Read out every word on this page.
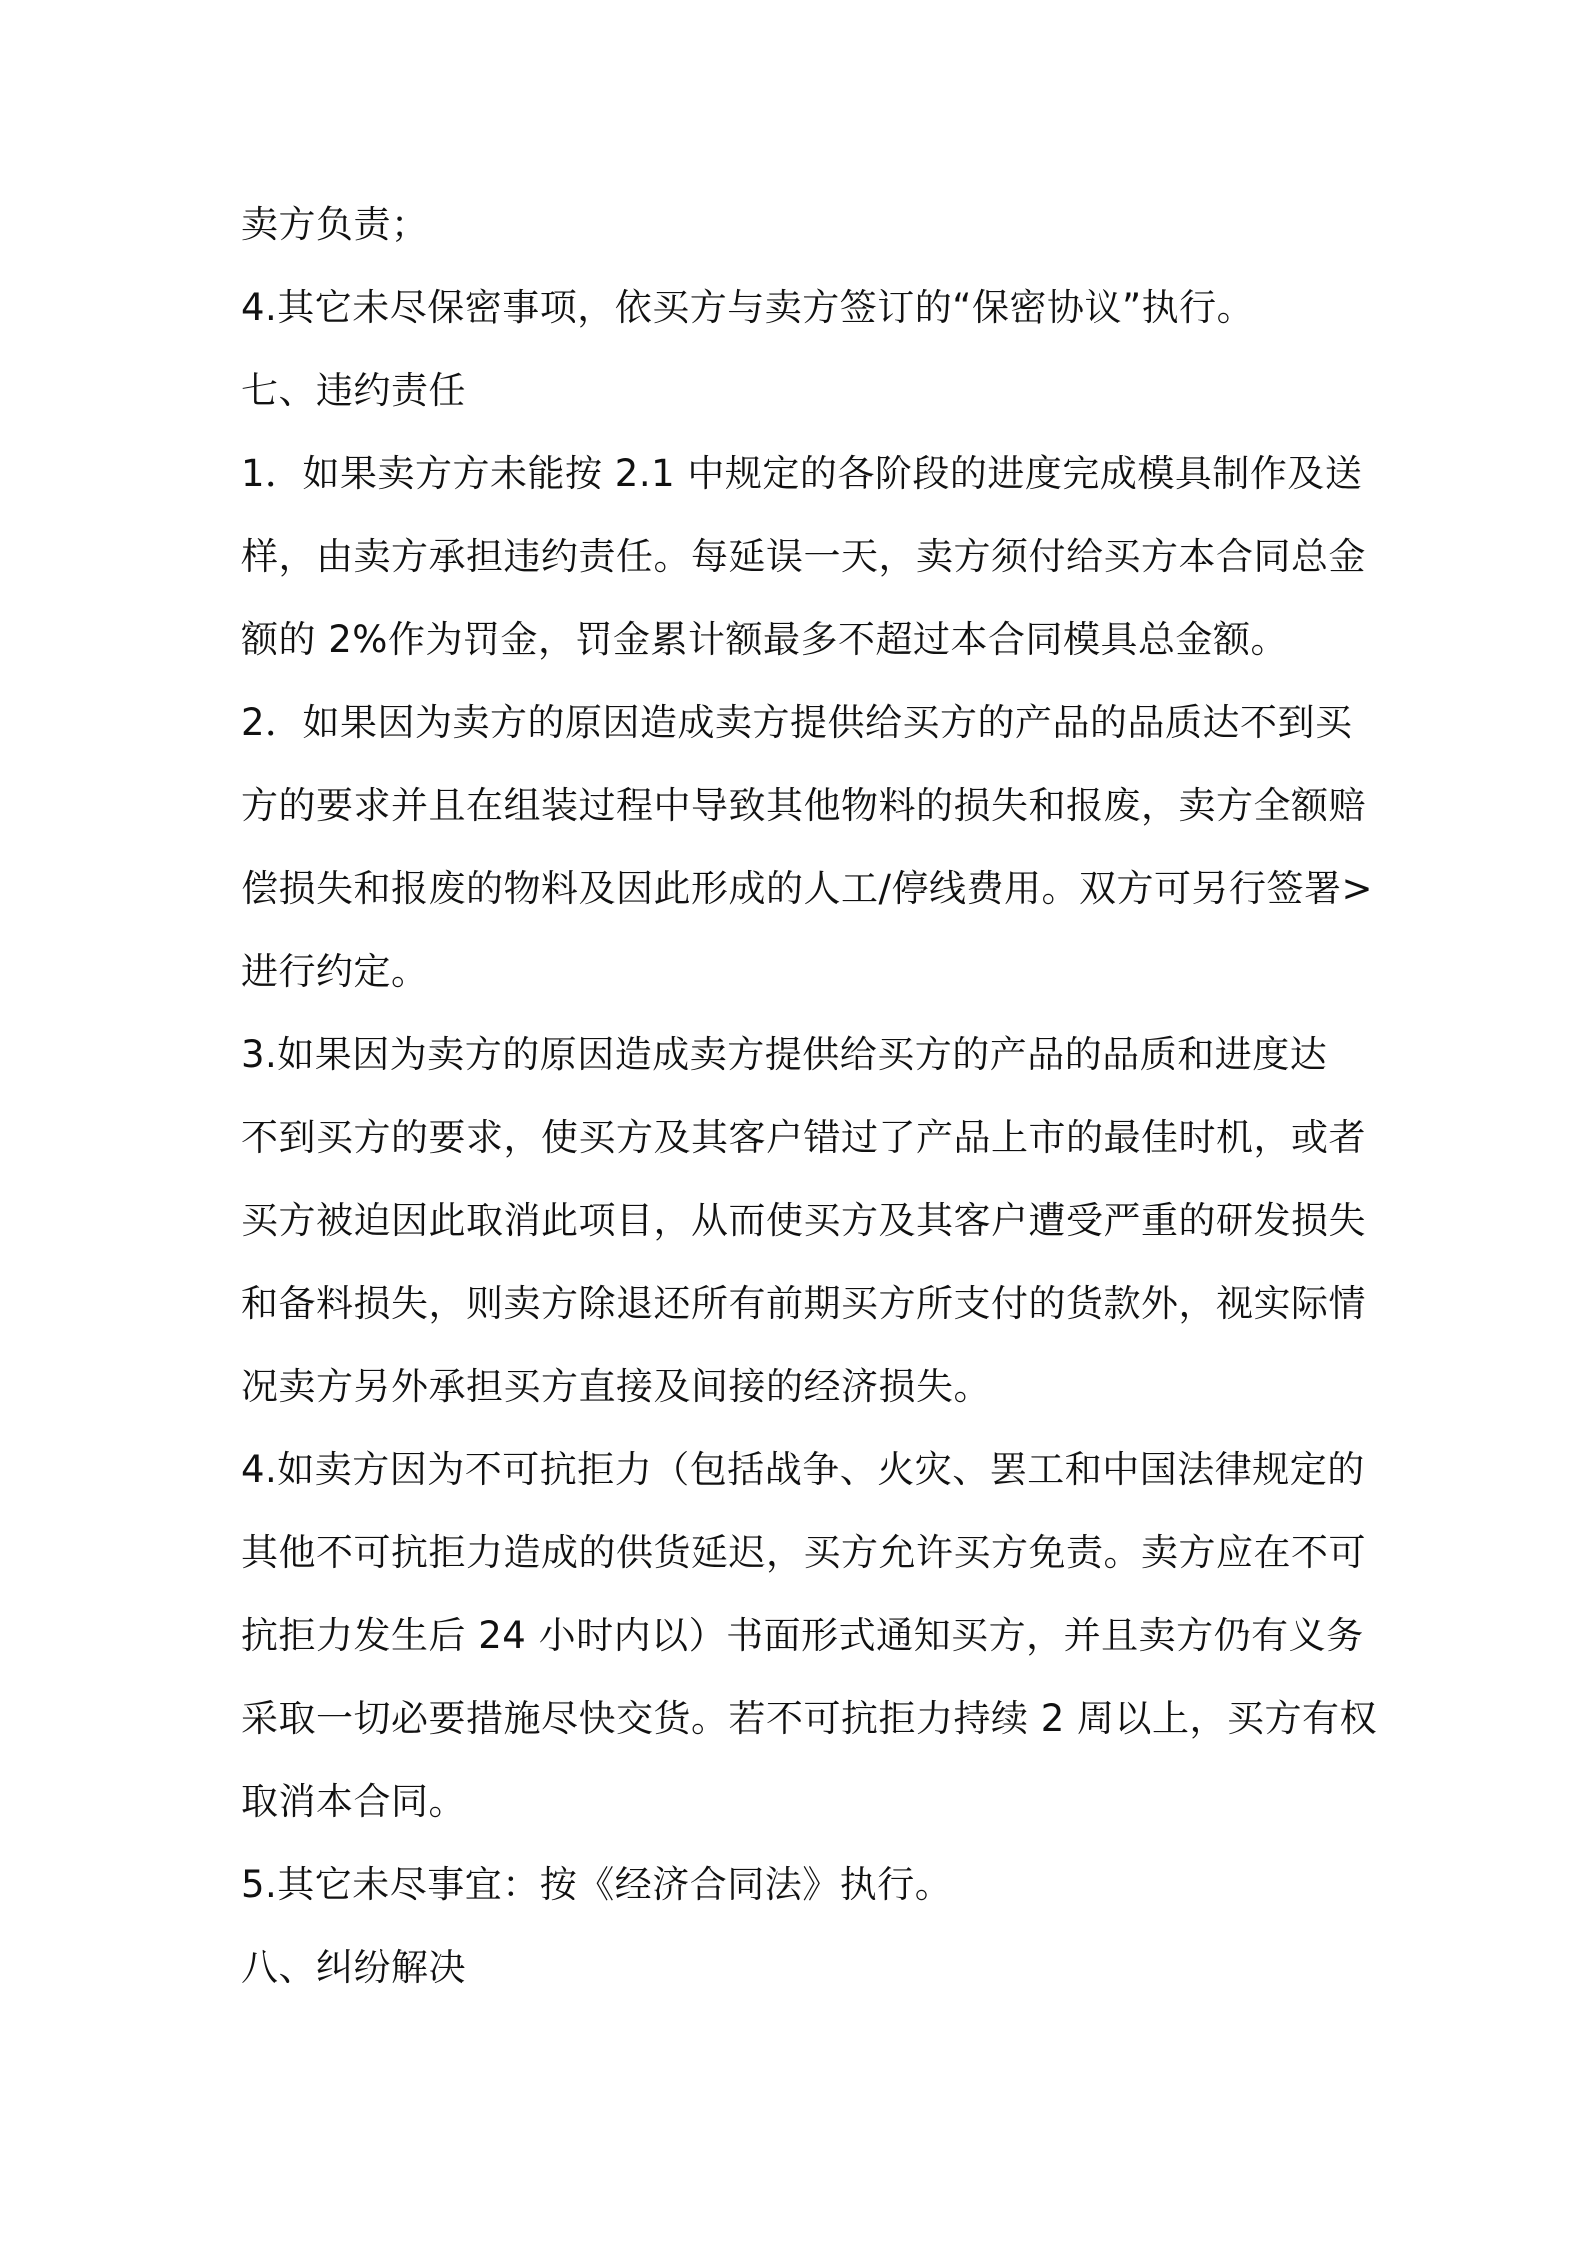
卖方负责；
4.其它未尽保密事项，依买方与卖方签订的“保密协议”执行。
七、违约责任
1．如果卖方方未能按 2.1 中规定的各阶段的进度完成模具制作及送
样，由卖方承担违约责任。每延误一天，卖方须付给买方本合同总金
额的 2%作为罚金，罚金累计额最多不超过本合同模具总金额。
2．如果因为卖方的原因造成卖方提供给买方的产品的品质达不到买
方的要求并且在组装过程中导致其他物料的损失和报废，卖方全额赔
偿损失和报废的物料及因此形成的人工/停线费用。双方可另行签署>
进行约定。
3.如果因为卖方的原因造成卖方提供给买方的产品的品质和进度达
不到买方的要求，使买方及其客户错过了产品上市的最佳时机，或者
买方被迫因此取消此项目，从而使买方及其客户遭受严重的研发损失
和备料损失，则卖方除退还所有前期买方所支付的货款外，视实际情
况卖方另外承担买方直接及间接的经济损失。
4.如卖方因为不可抗拒力（包括战争、火灾、罢工和中国法律规定的
其他不可抗拒力造成的供货延迟，买方允许买方免责。卖方应在不可
抗拒力发生后 24 小时内以）书面形式通知买方，并且卖方仍有义务
采取一切必要措施尽快交货。若不可抗拒力持续 2 周以上，买方有权
取消本合同。
5.其它未尽事宜：按《经济合同法》执行。
八、纠纷解决
